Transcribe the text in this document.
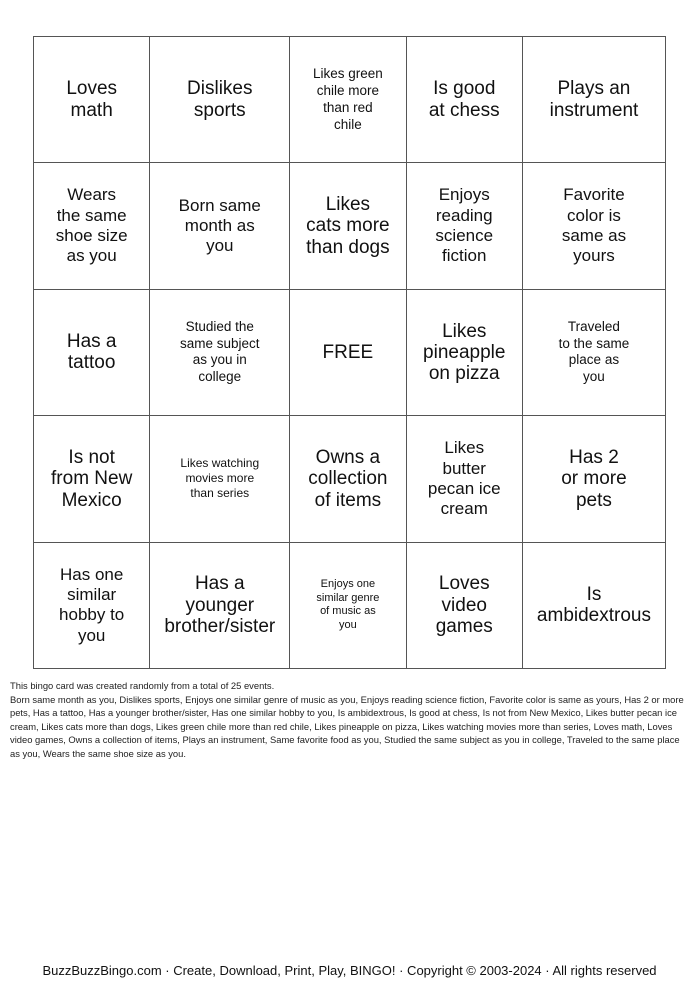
Loves
math
Dislikes
sports
Likes green
chile more
than red
chile
Is good
at chess
Plays an
instrument
Wears
the same
shoe size
as you
Born same
month as
you
Likes
cats more
than dogs
Enjoys
reading
science
fiction
Favorite
color is
same as
yours
Has a
tattoo
Studied the
same subject
as you in
college
FREE
Likes
pineapple
on pizza
Traveled
to the same
place as
you
Is not
from New
Mexico
Likes watching
movies more
than series
Owns a
collection
of items
Likes
butter
pecan ice
cream
Has 2
or more
pets
Has one
similar
hobby to
you
Has a
younger
brother/sister
Enjoys one
similar genre
of music as
you
Loves
video
games
Is
ambidextrous

This bingo card was created randomly from a total of 25 events.

Born same month as you, Dislikes sports, Enjoys one similar genre of music as you, Enjoys reading science fiction, Favorite color is same as yours, Has 2 or more pets, Has a tattoo, Has a younger brother/sister, Has one similar hobby to you, Is ambidextrous, Is good at chess, Is not from New Mexico, Likes butter pecan ice cream, Likes cats more than dogs, Likes green chile more than red chile, Likes pineapple on pizza, Likes watching movies more than series, Loves math, Loves video games, Owns a collection of items, Plays an instrument, Same favorite food as you, Studied the same subject as you in college, Traveled to the same place as you, Wears the same shoe size as you.

BuzzBuzzBingo.com · Create, Download, Print, Play, BINGO! · Copyright © 2003-2024 · All rights reserved
